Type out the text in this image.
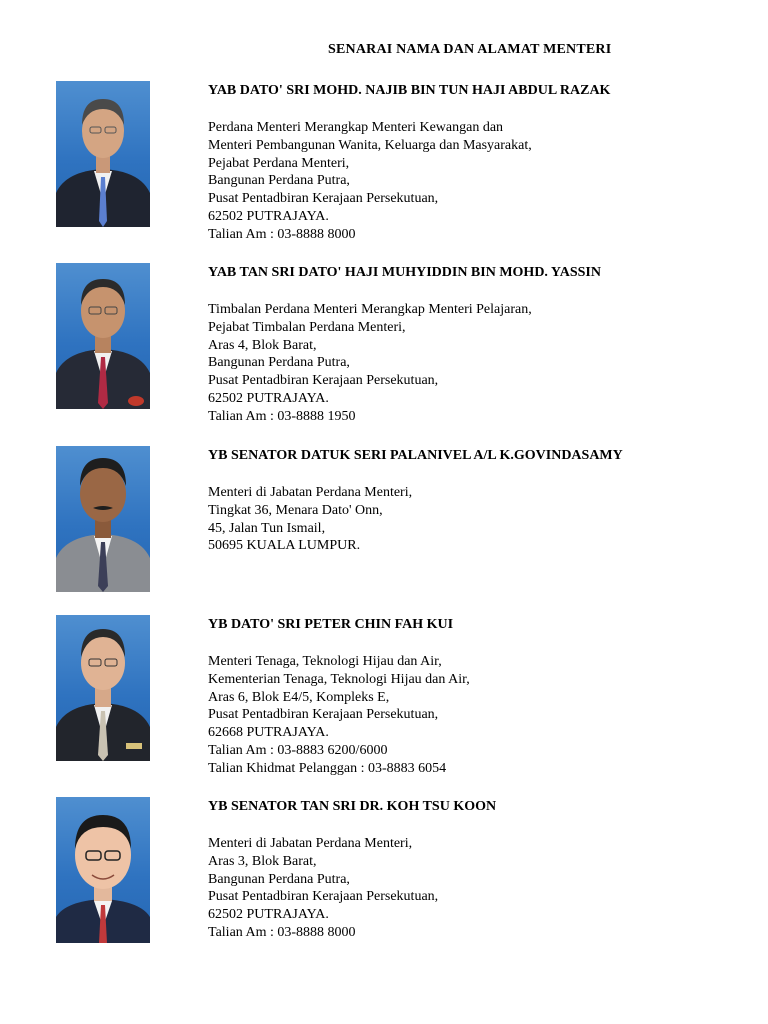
SENARAI NAMA DAN ALAMAT MENTERI
YAB DATO' SRI MOHD. NAJIB BIN TUN HAJI ABDUL RAZAK
Perdana Menteri Merangkap Menteri Kewangan dan
Menteri Pembangunan Wanita, Keluarga dan Masyarakat,
Pejabat Perdana Menteri,
Bangunan Perdana Putra,
Pusat Pentadbiran Kerajaan Persekutuan,
62502 PUTRAJAYA.
Talian Am : 03-8888 8000
YAB TAN SRI DATO' HAJI MUHYIDDIN BIN MOHD. YASSIN
Timbalan Perdana Menteri Merangkap Menteri Pelajaran,
Pejabat Timbalan Perdana Menteri,
Aras 4, Blok Barat,
Bangunan Perdana Putra,
Pusat Pentadbiran Kerajaan Persekutuan,
62502 PUTRAJAYA.
Talian Am : 03-8888 1950
YB SENATOR DATUK SERI PALANIVEL A/L K.GOVINDASAMY
Menteri di Jabatan Perdana Menteri,
Tingkat 36, Menara Dato' Onn,
45, Jalan Tun Ismail,
50695 KUALA LUMPUR.
YB DATO' SRI PETER CHIN FAH KUI
Menteri Tenaga, Teknologi Hijau dan Air,
Kementerian Tenaga, Teknologi Hijau dan Air,
Aras 6, Blok E4/5, Kompleks E,
Pusat Pentadbiran Kerajaan Persekutuan,
62668 PUTRAJAYA.
Talian Am : 03-8883 6200/6000
Talian Khidmat Pelanggan : 03-8883 6054
YB SENATOR TAN SRI DR. KOH TSU KOON
Menteri di Jabatan Perdana Menteri,
Aras 3, Blok Barat,
Bangunan Perdana Putra,
Pusat Pentadbiran Kerajaan Persekutuan,
62502 PUTRAJAYA.
Talian Am : 03-8888 8000
